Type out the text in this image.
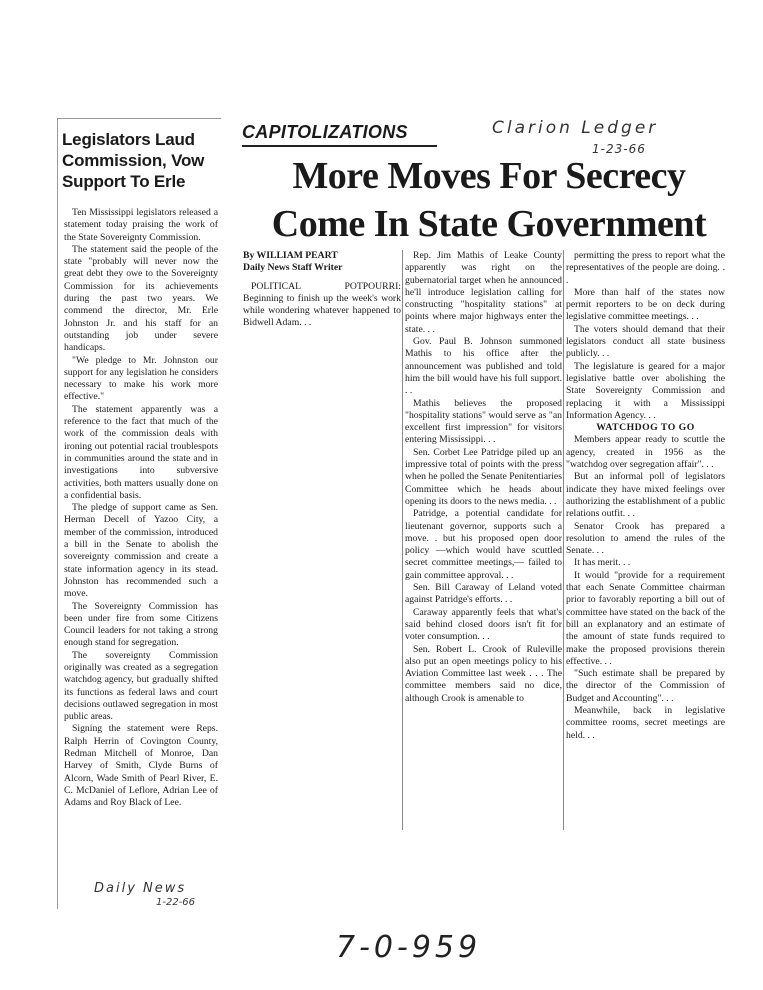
Legislators Laud Commission, Vow Support To Erle

Ten Mississippi legislators released a statement today praising the work of the State Sovereignty Commission.

The statement said the people of the state "probably will never now the great debt they owe to the Sovereignty Commission for its achievements during the past two years. We commend the director, Mr. Erle Johnston Jr. and his staff for an outstanding job under severe handicaps.

"We pledge to Mr. Johnston our support for any legislation he considers necessary to make his work more effective."

The statement apparently was a reference to the fact that much of the work of the commission deals with ironing out potential racial troublespots in communities around the state and in investigations into subversive activities, both matters usually done on a confidential basis.

The pledge of support came as Sen. Herman Decell of Yazoo City, a member of the commission, introduced a bill in the Senate to abolish the sovereignty commission and create a state information agency in its stead. Johnston has recommended such a move.

The Sovereignty Commission has been under fire from some Citizens Council leaders for not taking a strong enough stand for segregation.

The sovereignty Commission originally was created as a segregation watchdog agency, but gradually shifted its functions as federal laws and court decisions outlawed segregation in most public areas.

Signing the statement were Reps. Ralph Herrin of Covington County, Redman Mitchell of Monroe, Dan Harvey of Smith, Clyde Burns of Alcorn, Wade Smith of Pearl River, E. C. McDaniel of Leflore, Adrian Lee of Adams and Roy Black of Lee.

Daily News
1-22-66
CAPITOLIZATIONS	Clarion Ledger
1-23-66
More Moves For Secrecy
Come In State Government

By WILLIAM PEART

Daily News Staff Writer

POLITICAL POTPOURRI: Beginning to finish up the week's work while wondering whatever happened to Bidwell Adam. . .

Rep. Jim Mathis of Leake County apparently was right on the gubernatorial target when he announced he'll introduce legislation calling for constructing "hospitality stations" at points where major highways enter the state. . .

Gov. Paul B. Johnson summoned Mathis to his office after the announcement was published and told him the bill would have his full support. . .

Mathis believes the proposed "hospitality stations" would serve as "an excellent first impression" for visitors entering Mississippi. . .

Sen. Corbet Lee Patridge piled up an impressive total of points with the press when he polled the Senate Penitentiaries Committee which he heads about opening its doors to the news media. . .

Patridge, a potential candidate for lieutenant governor, supports such a move. . but his proposed open door policy —which would have scuttled secret committee meetings,— failed to gain committee approval. . .

Sen. Bill Caraway of Leland voted against Patridge's efforts. . .

Caraway apparently feels that what's said behind closed doors isn't fit for voter consumption. . .

Sen. Robert L. Crook of Ruleville also put an open meetings policy to his Aviation Committee last week . . . The committee members said no dice, although Crook is amenable to

permitting the press to report what the representatives of the people are doing. . .

More than half of the states now permit reporters to be on deck during legislative committee meetings. . .

The voters should demand that their legislators conduct all state business publicly. . .

The legislature is geared for a major legislative battle over abolishing the State Sovereignty Commission and replacing it with a Mississippi Information Agency. . .

WATCHDOG TO GO

Members appear ready to scuttle the agency, created in 1956 as the "watchdog over segregation affair". . .

But an informal poll of legislators indicate they have mixed feelings over authorizing the establishment of a public relations outfit. . .

Senator Crook has prepared a resolution to amend the rules of the Senate. . .

It has merit. . .

It would "provide for a requirement that each Senate Committee chairman prior to favorably reporting a bill out of committee have stated on the back of the bill an explanatory and an estimate of the amount of state funds required to make the proposed provisions therein effective. . .

"Such estimate shall be prepared by the director of the Commission of Budget and Accounting". . .

Meanwhile, back in legislative committee rooms, secret meetings are held. . .

7-0-959
